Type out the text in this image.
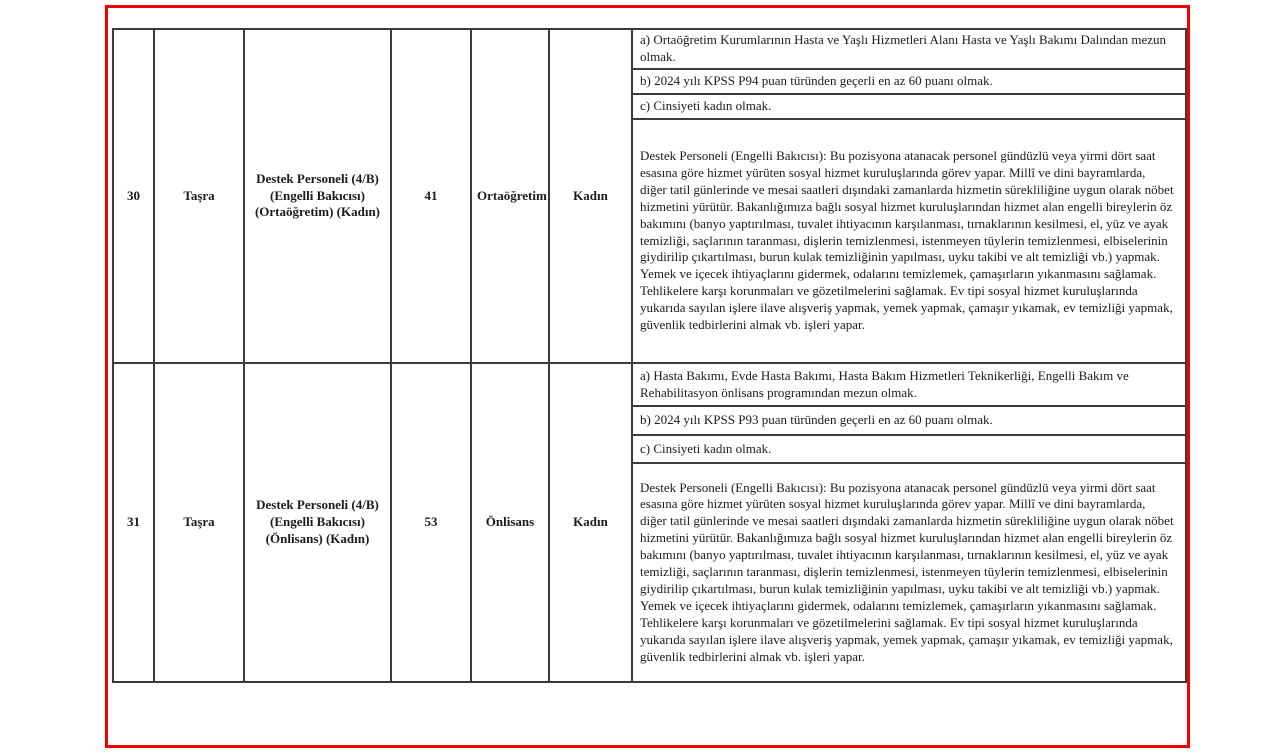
30	Taşra	Destek Personeli (4/B) (Engelli Bakıcısı) (Ortaöğretim) (Kadın)	41	Ortaöğretim	Kadın	a) Ortaöğretim Kurumlarının Hasta ve Yaşlı Hizmetleri Alanı Hasta ve Yaşlı Bakımı Dalından mezun olmak.
						b) 2024 yılı KPSS P94 puan türünden geçerli en az 60 puanı olmak.
						c) Cinsiyeti kadın olmak.
						Destek Personeli (Engelli Bakıcısı): Bu pozisyona atanacak personel gündüzlü veya yirmi dört saat esasına göre hizmet yürüten sosyal hizmet kuruluşlarında görev yapar. Millî ve dini bayramlarda, diğer tatil günlerinde ve mesai saatleri dışındaki zamanlarda hizmetin sürekliliğine uygun olarak nöbet hizmetini yürütür. Bakanlığımıza bağlı sosyal hizmet kuruluşlarından hizmet alan engelli bireylerin öz bakımını (banyo yaptırılması, tuvalet ihtiyacının karşılanması, tırnaklarının kesilmesi, el, yüz ve ayak temizliği, saçlarının taranması, dişlerin temizlenmesi, istenmeyen tüylerin temizlenmesi, elbiselerinin giydirilip çıkartılması, burun kulak temizliğinin yapılması, uyku takibi ve alt temizliği vb.) yapmak. Yemek ve içecek ihtiyaçlarını gidermek, odalarını temizlemek, çamaşırların yıkanmasını sağlamak. Tehlikelere karşı korunmaları ve gözetilmelerini sağlamak. Ev tipi sosyal hizmet kuruluşlarında yukarıda sayılan işlere ilave alışveriş yapmak, yemek yapmak, çamaşır yıkamak, ev temizliği yapmak, güvenlik tedbirlerini almak vb. işleri yapar.
31	Taşra	Destek Personeli (4/B) (Engelli Bakıcısı) (Önlisans) (Kadın)	53	Önlisans	Kadın	a) Hasta Bakımı, Evde Hasta Bakımı, Hasta Bakım Hizmetleri Teknikerliği, Engelli Bakım ve Rehabilitasyon önlisans programından mezun olmak.
						b) 2024 yılı KPSS P93 puan türünden geçerli en az 60 puanı olmak.
						c) Cinsiyeti kadın olmak.
						Destek Personeli (Engelli Bakıcısı): Bu pozisyona atanacak personel gündüzlü veya yirmi dört saat esasına göre hizmet yürüten sosyal hizmet kuruluşlarında görev yapar. Millî ve dini bayramlarda, diğer tatil günlerinde ve mesai saatleri dışındaki zamanlarda hizmetin sürekliliğine uygun olarak nöbet hizmetini yürütür. Bakanlığımıza bağlı sosyal hizmet kuruluşlarından hizmet alan engelli bireylerin öz bakımını (banyo yaptırılması, tuvalet ihtiyacının karşılanması, tırnaklarının kesilmesi, el, yüz ve ayak temizliği, saçlarının taranması, dişlerin temizlenmesi, istenmeyen tüylerin temizlenmesi, elbiselerinin giydirilip çıkartılması, burun kulak temizliğinin yapılması, uyku takibi ve alt temizliği vb.) yapmak. Yemek ve içecek ihtiyaçlarını gidermek, odalarını temizlemek, çamaşırların yıkanmasını sağlamak. Tehlikelere karşı korunmaları ve gözetilmelerini sağlamak. Ev tipi sosyal hizmet kuruluşlarında yukarıda sayılan işlere ilave alışveriş yapmak, yemek yapmak, çamaşır yıkamak, ev temizliği yapmak, güvenlik tedbirlerini almak vb. işleri yapar.
